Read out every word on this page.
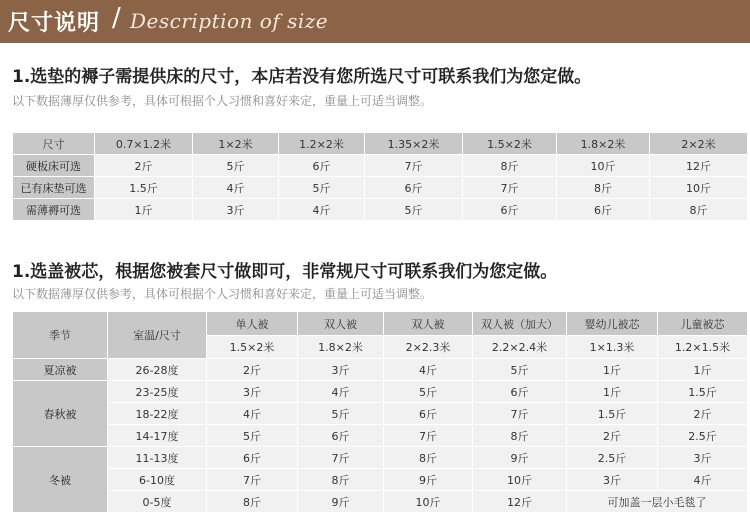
尺寸说明 / Description of size
1.选垫的褥子需提供床的尺寸，本店若没有您所选尺寸可联系我们为您定做。
以下数据薄厚仅供参考，具体可根据个人习惯和喜好来定，重量上可适当调整。
尺寸	0.7×1.2米	1×2米	1.2×2米	1.35×2米	1.5×2米	1.8×2米	2×2米
硬板床可选	2斤	5斤	6斤	7斤	8斤	10斤	12斤
已有床垫可选	1.5斤	4斤	5斤	6斤	7斤	8斤	10斤
需薄褥可选	1斤	3斤	4斤	5斤	6斤	6斤	8斤
1.选盖被芯，根据您被套尺寸做即可，非常规尺寸可联系我们为您定做。
以下数据薄厚仅供参考，具体可根据个人习惯和喜好来定，重量上可适当调整。
季节	室温/尺寸	单人被	双人被	双人被	双人被（加大）	婴幼儿被芯	儿童被芯
		1.5×2米	1.8×2米	2×2.3米	2.2×2.4米	1×1.3米	1.2×1.5米
夏凉被	26-28度	2斤	3斤	4斤	5斤	1斤	1斤
春秋被	23-25度	3斤	4斤	5斤	6斤	1斤	1.5斤
	18-22度	4斤	5斤	6斤	7斤	1.5斤	2斤
	14-17度	5斤	6斤	7斤	8斤	2斤	2.5斤
冬被	11-13度	6斤	7斤	8斤	9斤	2.5斤	3斤
	6-10度	7斤	8斤	9斤	10斤	3斤	4斤
	0-5度	8斤	9斤	10斤	12斤	可加盖一层小毛毯了	
